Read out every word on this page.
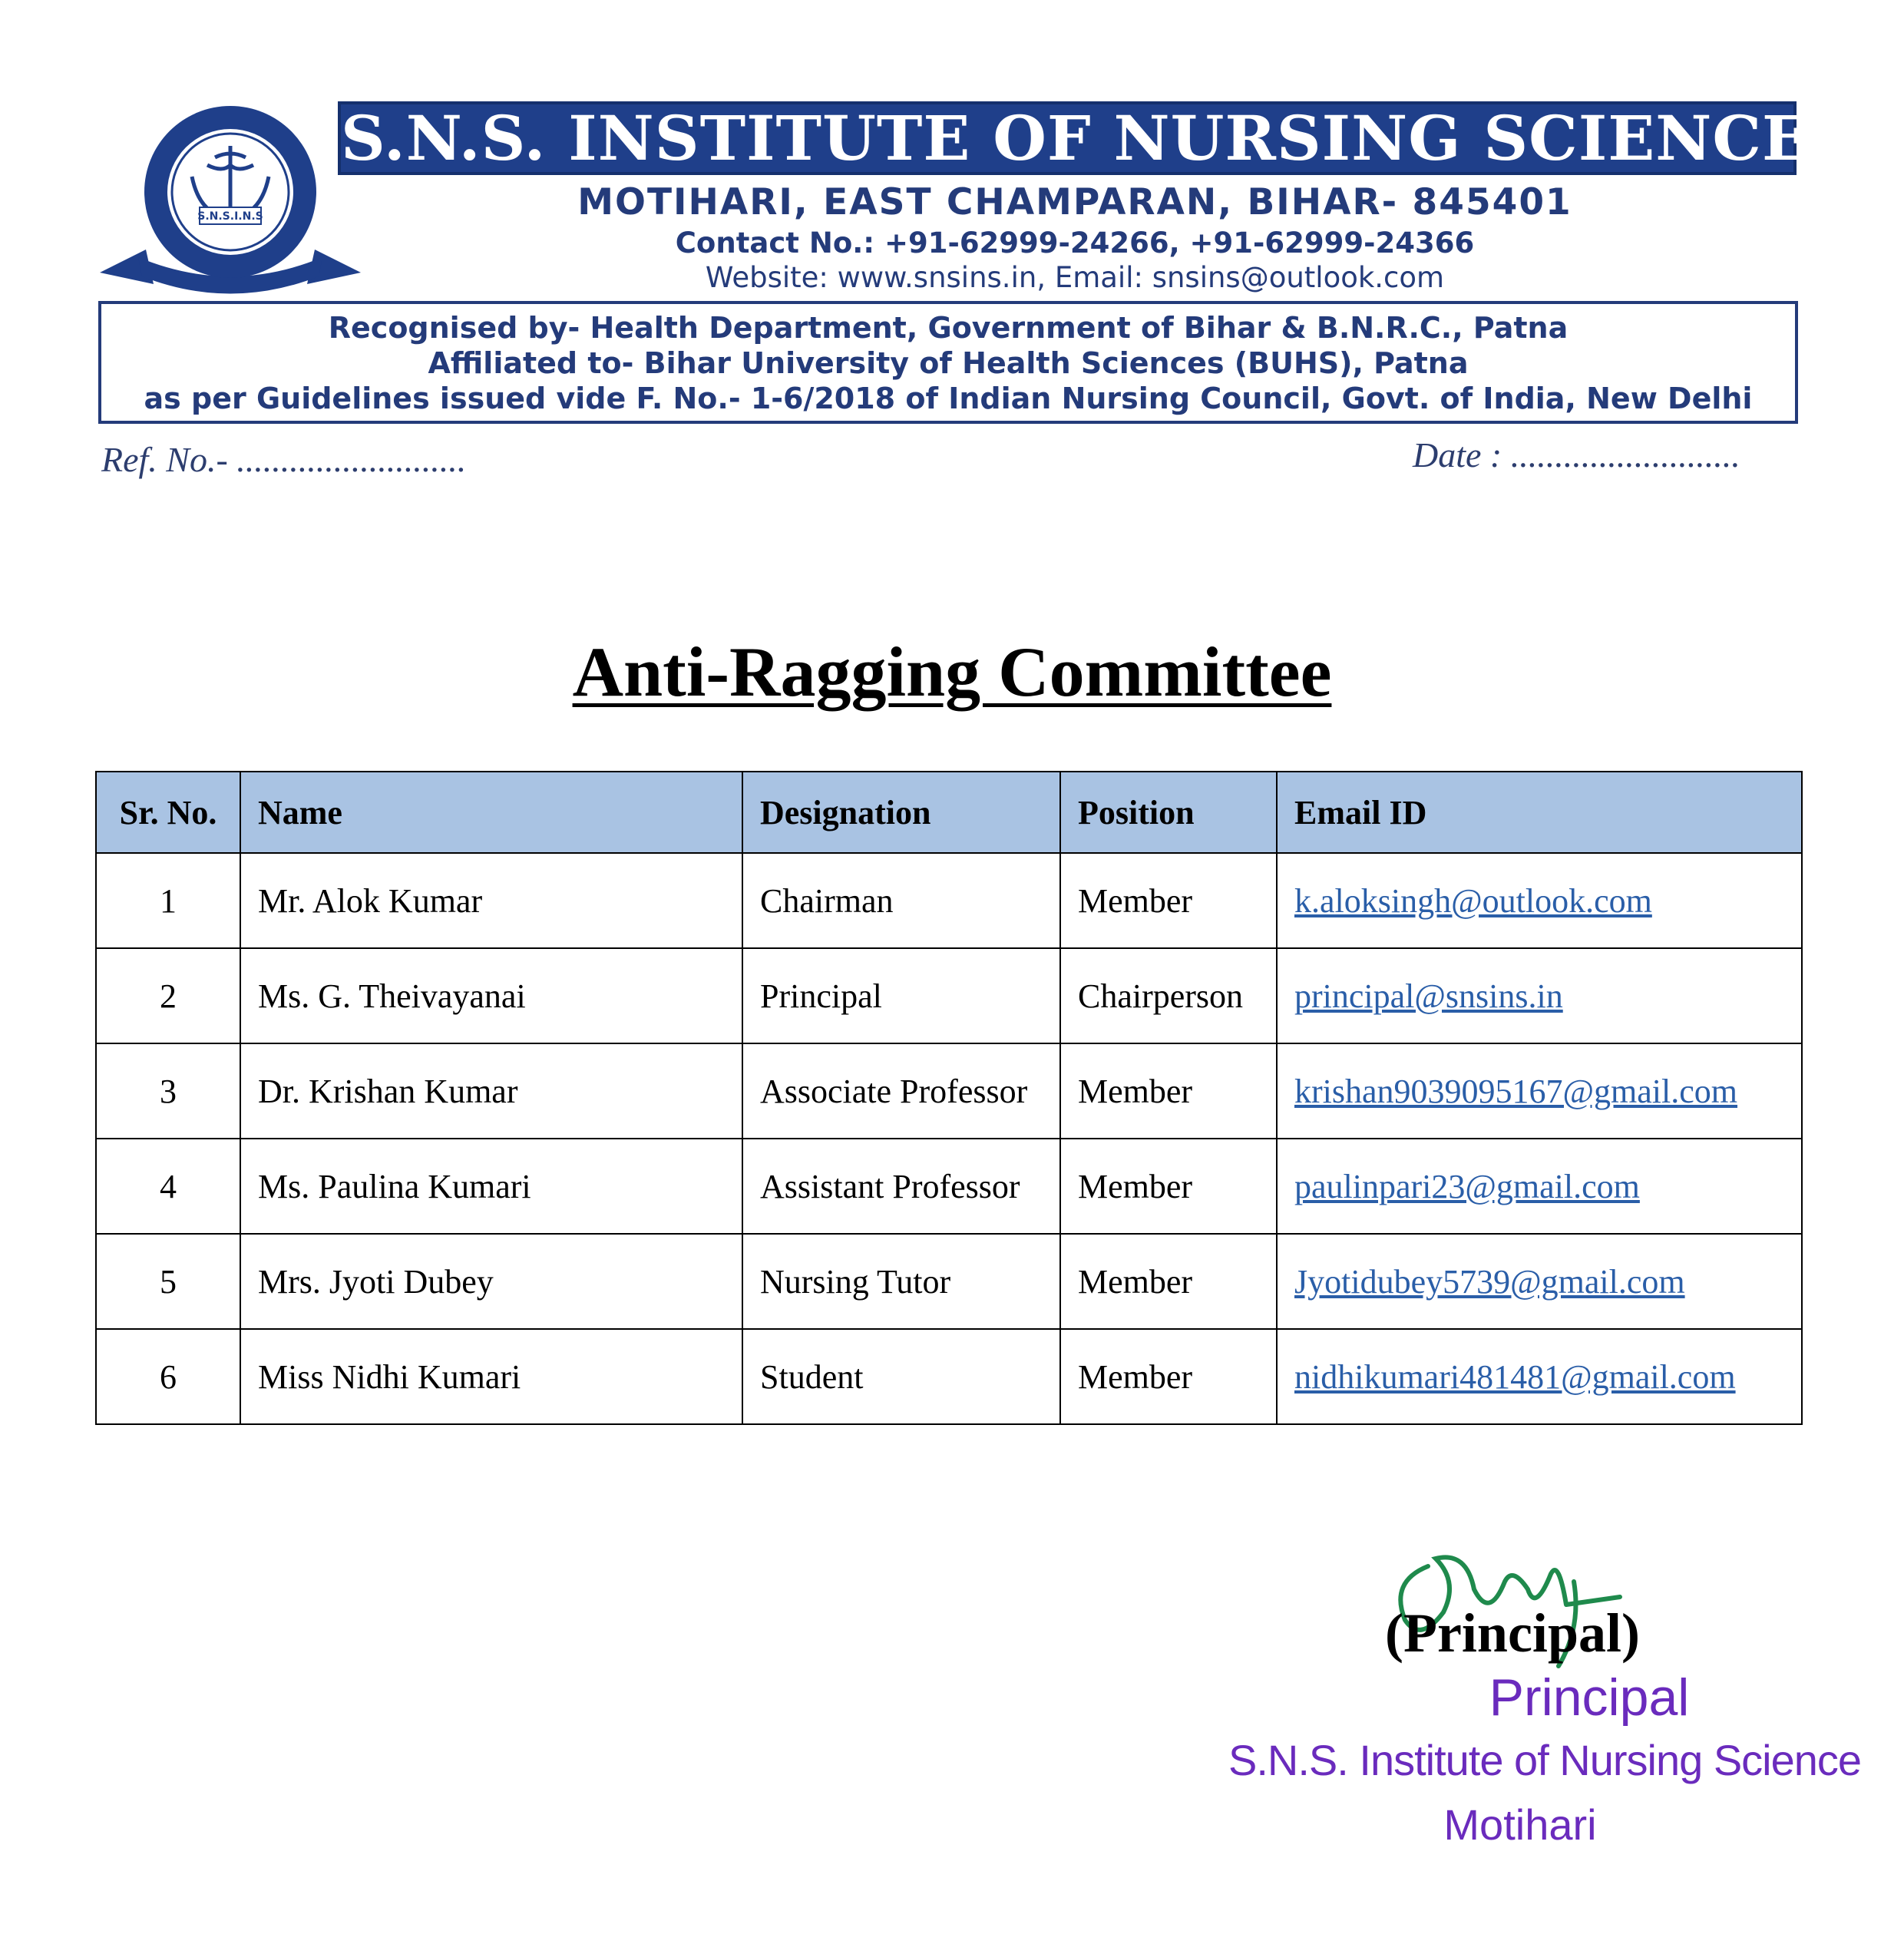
S.N.S.I.N.S
S.N.S. INSTITUTE OF NURSING SCIENCE
MOTIHARI, EAST CHAMPARAN, BIHAR- 845401
Contact No.: +91-62999-24266, +91-62999-24366
Website: www.snsins.in, Email: snsins@outlook.com
Recognised by- Health Department, Government of Bihar & B.N.R.C., Patna
Affiliated to- Bihar University of Health Sciences (BUHS), Patna
as per Guidelines issued vide F. No.- 1-6/2018 of Indian Nursing Council, Govt. of India, New Delhi
Ref. No.- ..........................	Date : ..........................
Anti-Ragging Committee
Sr. No.	Name	Designation	Position	Email ID
1	Mr. Alok Kumar	Chairman	Member	k.aloksingh@outlook.com
2	Ms. G. Theivayanai	Principal	Chairperson	principal@snsins.in
3	Dr. Krishan Kumar	Associate Professor	Member	krishan9039095167@gmail.com
4	Ms. Paulina Kumari	Assistant Professor	Member	paulinpari23@gmail.com
5	Mrs. Jyoti Dubey	Nursing Tutor	Member	Jyotidubey5739@gmail.com
6	Miss Nidhi Kumari	Student	Member	nidhikumari481481@gmail.com
(Principal)
Principal
S.N.S. Institute of Nursing Science
Motihari
